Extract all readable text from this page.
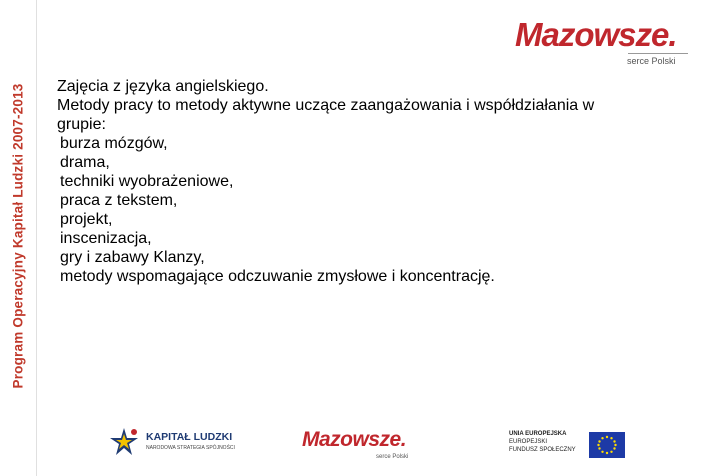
Program Operacyjny Kapitał Ludzki 2007-2013
Mazowsze.
serce Polski
Zajęcia z języka angielskiego.
Metody pracy to metody aktywne uczące zaangażowania i współdziałania w
grupie:
burza mózgów,
drama,
techniki wyobrażeniowe,
praca z tekstem,
projekt,
inscenizacja,
gry i zabawy Klanzy,
metody wspomagające odczuwanie zmysłowe i koncentrację.
KAPITAŁ LUDZKI
NARODOWA STRATEGIA SPÓJNOŚCI	Mazowsze.
serce Polski
UNIA EUROPEJSKA
EUROPEJSKI
FUNDUSZ SPOŁECZNY
